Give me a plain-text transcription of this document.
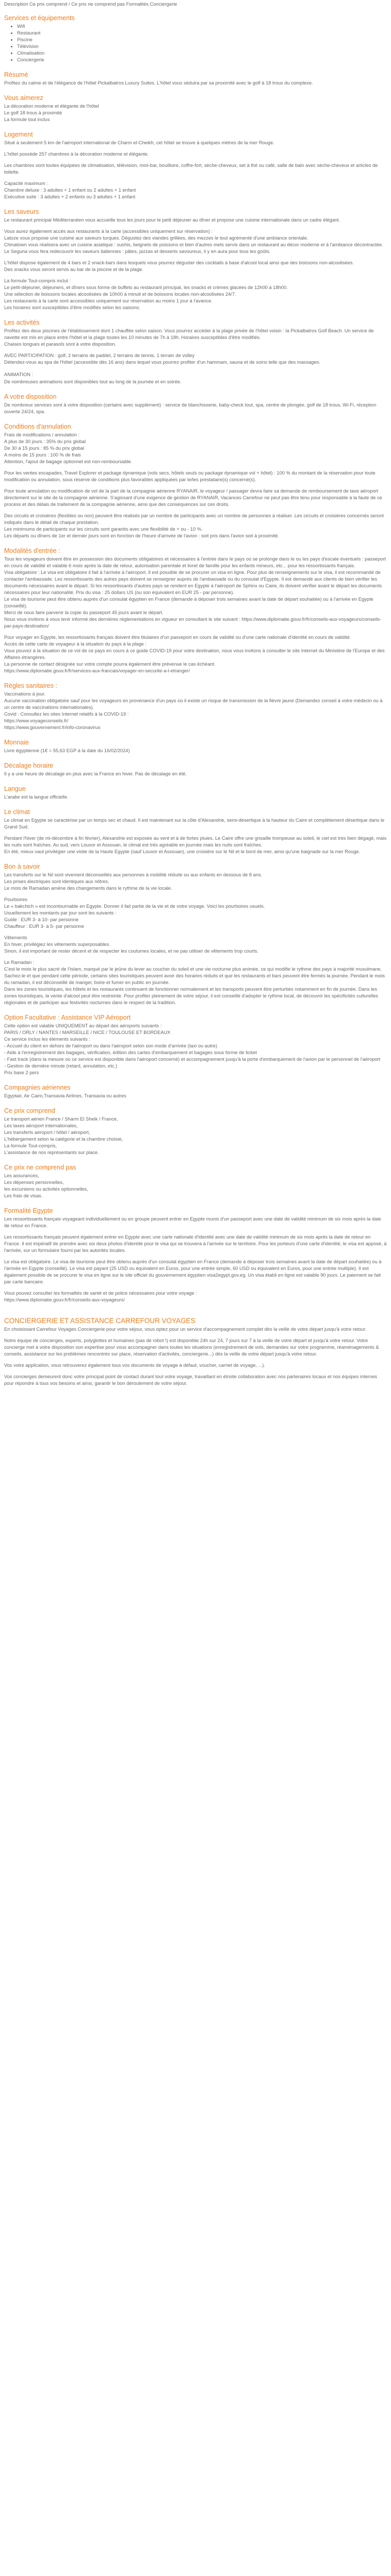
Description Ce prix comprend / Ce prix ne comprend pas Formalités Conciergerie
Services et équipements
• Wifi
• Restaurant
• Piscine
• Télévision
• Climatisation
• Conciergerie
Résumé
Profitez du calme et de l'élégance de l'hôtel Pickalbatros Luxury Suites. L'hôtel vous séduira par sa proximité avec le golf à 18 trous du complexe.
Vous aimerez
La décoration moderne et élégante de l'hôtel
Le golf 18 trous à proximité
La formule tout inclus
Logement
Situé à seulement 5 km de l'aéroport international de Charm el-Cheikh, cet hôtel se trouve à quelques mètres de la mer Rouge.
L'hôtel possède 257 chambres à la décoration moderne et élégante.
Les chambres sont toutes équipées de climatisation, télévision, mini-bar, bouilloire, coffre-fort, sèche-cheveux, set à thé ou café, salle de bain avec sèche-cheveux et articles de toilette.
Capacité maximum :
Chambre deluxe : 3 adultes + 1 enfant ou 2 adultes + 1 enfant
Exécutive suite : 3 adultes + 2 enfants ou 3 adultes + 1 enfant
Les saveurs
Le restaurant principal Méditerranéen vous accueille tous les jours pour le petit déjeuner au dîner et propose une cuisine internationale dans un cadre élégant.
Vous aurez également accès aux restaurants à la carte (accessibles uniquement sur réservation) :
Latoze vous propose une cuisine aux saveurs turques. Dégustez des viandes grillées, des mezzes le tout agrémenté d'une ambiance orientale.
Chinatown vous réalisera avec un cuisine asiatique : sushis, beignets de poissons et bien d'autres mets servis dans un restaurant au décor moderne et à l'ambiance décontractée.
Le Seguna vous fera redécouvrir les saveurs italiennes : pâtes, pizzas et desserts savoureux, il y en aura pour tous les goûts.
L'hôtel dispose également de 4 bars et 2 snack-bars dans lesquels vous pourrez déguster des cocktails à base d'alcool local ainsi que des boissons non-alcoolisées.
Des snacks vous seront servis au bar de la piscine et de la plage.
La formule Tout-compris inclut :
Le petit-déjeuner, déjeuners, et dîners sous forme de buffets au restaurant principal, les snacks et crèmes glacées de 12h00 à 18h00.
Une sélection de boissons locales alcoolisées de 10h00 à minuit et de boissons locales non-alcoolisées 24/7.
Les restaurants à la carte sont accessibles uniquement sur réservation au moins 1 jour à l'avance.
Les horaires sont susceptibles d'être modifiés selon les saisons.
Les activités
Profitez des deux piscines de l'établissement dont 1 chauffée selon saison. Vous pourrez accéder à la plage privée de l'hôtel voisin : la Pickalbatros Golf Beach. Un service de navette est mis en place entre l'hôtel et la plage toutes les 10 minutes de 7h à 18h. Horaires susceptibles d'être modifiés.
Chaises longues et parasols sont à votre disposition.
AVEC PARTICIPATION : golf, 2 terrains de paddel, 2 terrains de tennis, 1 terrain de volley
Détendez-vous au spa de l'hôtel (accessible dès 16 ans) dans lequel vous pourrez profiter d'un hammam, sauna et de soins telle que des massages.
ANIMATION :
De nombreuses animations sont disponibles tout au long de la journée et en soirée.
A votre disposition
De nombreux services sont à votre disposition (certains avec supplément) : service de blanchisserie, baby-check tout, spa, centre de plongée, golf de 18 trous, Wi-Fi, réception ouverte 24/24, spa.
Conditions d'annulation
Frais de modifications / annulation :
A plus de 30 jours : 35% du prix global
De 30 à 15 jours : 85 % du prix global
A moins de 15 jours : 100 % de frais
Attention, l'ajout de bagage optionnel est non-remboursable.
Pour les ventes escapades, Travel Explorer et package dynamique (vols secs, hôtels seuls ou package dynamique vol + hôtel) : 100 % du montant de la réservation pour toute modification ou annulation, sous réserve de conditions plus favorables appliquées par le/les prestataire(s) concerné(s).
Pour toute annulation ou modification de vol de la part de la compagnie aérienne RYANAIR, le voyageur / passager devra faire sa demande de remboursement de taxe aéroport directement sur le site de la compagnie aérienne. S'agissant d'une exigence de gestion de RYANAIR, Vacances Carrefour ne peut pas être tenu pour responsable à la faute de ce process et des délais de traitement de la compagnie aérienne, ainsi que des conséquences sur ces droits.
Des circuits et croisières (flexibles ou non) peuvent être réalisés par un nombre de participants avec un nombre de personnes à réaliser. Les circuits et croisières concernés seront indiqués dans le détail de chaque prestation.
Les minimums de participants sur les circuits sont garantis avec une flexibilité de + ou - 10 %.
Les départs ou dîners de 1er et dernier jours sont en fonction de l'heure d'arrivée de l'avion : soit pris dans l'avion soit à proximité.
Modalités d'entrée :
Tous les voyageurs doivent être en possession des documents obligatoires et nécessaires à l'entrée dans le pays où se prolonge dans le ou les pays d'escale éventuels : passeport en cours de validité et valable 6 mois après la date de retour, autorisation parentale et livret de famille pour les enfants mineurs, etc... pour les ressortissants français.
Visa obligatoire : Le visa est obligatoire il fait à l'arrivée à l'aéroport. Il est possible de se procurer un visa en ligne. Pour plus de renseignements sur le visa, il est recommandé de contacter l'ambassade. Les ressortissants des autres pays doivent se renseigner auprès de l'ambassade ou du consulat d'Egypte. Il est demandé aux clients de bien vérifier les documents nécessaires avant le départ. Si les ressortissants d'autres pays se rendent en Egypte à l'aéroport de Sphinx ou Caire, ils doivent vérifier avant le départ les documents nécessaires pour leur nationalité. Prix du visa : 25 dollars US (ou son équivalent en EUR 25 - par personne).
Le visa de tourisme peut être obtenu auprès d'un consulat égyptien en France (demande à déposer trois semaines avant la date de départ souhaitée) ou à l'arrivée en Egypte (conseillé).
Merci de nous faire parvenir la copie du passeport 45 jours avant le départ.
Nous vous invitons à vous tenir informé des dernières réglementations en vigueur en consultant le site suivant : https://www.diplomatie.gouv.fr/fr/conseils-aux-voyageurs/conseils-par-pays-destination/
Pour voyager en Egypte, les ressortissants français doivent être titulaires d'un passeport en cours de validité ou d'une carte nationale d'identité en cours de validité.
Accès de cette carte de voyageur à la situation du pays à la plage :
Vous pouvez à la situation de ce vol de ce pays en cours à ce guide COVID-19 pour votre destination, nous vous invitons à consulter le site Internet du Ministère de l'Europe et des Affaires étrangères.
La personne de contact désignée sur votre compte pourra également être prévenue le cas échéant.
https://www.diplomatie.gouv.fr/fr/services-aux-francais/voyager-en-securite-a-l-etranger/
Règles sanitaires :
Vaccinations à jour.
Aucune vaccination obligatoire sauf pour les voyageurs en provenance d'un pays où il existe un risque de transmission de la fièvre jaune (Demandez conseil à votre médecin ou à un centre de vaccinations internationales).
Covid : Consultez les sites Internet relatifs à la COVID-19 :
https://www.voyageconseils.fr/
https://www.gouvernement.fr/info-coronavirus
Monnaie
Livre égyptienne (1€ = 55,63 EGP à la date du 16/02/2024)
Décalage horaire
Il y a une heure de décalage en plus avec la France en hiver. Pas de décalage en été.
Langue
L'arabe est la langue officielle.
Le climat
Le climat en Egypte se caractérise par un temps sec et chaud. Il est maintenant sur la côte d'Alexandrie, semi-désertique à la hauteur du Caire et complètement désertique dans le Grand Sud.
Pendant l'hiver (de mi-décembre à fin février), Alexandrie est exposée au vent et à de fortes pluies. Le Caire offre une grisaille trompeuse au soleil, le ciel est très bien dégagé, mais les nuits sont fraîches. Au sud, vers Louxor et Assouan, le climat est très agréable en journée mais les nuits sont fraîches.
En été, mieux vaut privilégier une visite de la Haute Egypte (sauf Louxor et Assouan), une croisière sur le Nil et le bord de mer, ainsi qu'une baignade sur la mer Rouge.
Bon à savoir
Les transferts sur le Nil sont vivement déconseillés aux personnes à mobilité réduite ou aux enfants en dessous de 8 ans.
Les prises électriques sont identiques aux nôtres.
Le mois de Ramadan amène des changements dans le rythme de la vie locale.
Pourboires
Le « bakchich » est incontournable en Egypte. Donner il fait partie de la vie et de votre voyage. Voici les pourboires usuels.
Usuellement les montants par jour sont les suivants :
Guide : EUR 3- à 10- par personne
Chauffeur : EUR 3- à 5- par personne
Vêtements
En hiver, privilégiez les vêtements superposables.
Sinon, il est important de rester décent et de respecter les coutumes locales, et ne pas utiliser de vêtements trop courts.
Le Ramadan :
C'est le mois le plus sacré de l'Islam, marqué par le jeûne du lever au coucher du soleil et une vie nocturne plus animée, ce qui modifie le rythme des pays à majorité musulmane.
Sachez-le et que pendant cette période, certains sites touristiques peuvent avoir des horaires réduits et que les restaurants et bars peuvent être fermés la journée. Pendant le mois du ramadan, il est déconseillé de manger, boire et fumer en public en journée.
Dans les zones touristiques, les hôtels et les restaurants continuent de fonctionner normalement et les transports peuvent être perturbés notamment en fin de journée. Dans les zones touristiques, la vente d'alcool peut être restreinte. Pour profiter pleinement de votre séjour, il est conseillé d'adopter le rythme local, de découvrir les spécificités culturelles régionales et de participer aux festivités nocturnes dans le respect de la tradition.
Option Facultative : Assistance VIP Aéroport
Cette option est valable UNIQUEMENT au départ des aéroports suivants :
PARIS / ORLY / NANTES / MARSEILLE / NICE / TOULOUSE ET BORDEAUX
Ce service inclus les éléments suivants :
- Accueil du client en dehors de l'aéroport ou dans l'aéroport selon son mode d'arrivée (taxi ou autre)
- Aide à l'enregistrement des bagages, vérification, édition des cartes d'embarquement et bagages sous forme de ticket
- Fast track (dans la mesure où ce service est disponible dans l'aéroport concerné) et accompagnement jusqu'à la porte d'embarquement de l'avion par le personnel de l'aéroport
- Gestion de dernière minute (retard, annulation, etc.)
Prix base 2 pers
Compagnies aériennes
Egyptair, Air Cairo,Transavia Airlines, Transavia ou autres
Ce prix comprend
Le transport aérien France / Sharm El Sheik / France,
Les taxes aéroport internationales,
Les transferts aéroport / hôtel / aéroport,
L'hébergement selon la catégorie et la chambre choisie,
La formule Tout-compris,
L'assistance de nos représentants sur place.
Ce prix ne comprend pas
Les assurances,
Les dépenses personnelles,
les excursions ou activités optionnelles,
Les frais de visas.
Formalité Egypte
Les ressortissants français voyageant individuellement ou en groupe peuvent entrer en Egypte munis d'un passeport avec une date de validité minimum de six mois après la date de retour en France.
Les ressortissants français peuvent également entrer en Egypte avec une carte nationale d'identité avec une date de validité minimum de six mois après la date de retour en France. Il est impératif de prendre avec soi deux photos d'identité pour le visa qui se trouvera à l'arrivée sur le territoire. Pour les porteurs d'une carte d'identité, le visa est apposé, à l'arrivée, sur un formulaire fourni par les autorités locales.
Le visa est obligatoire. Le visa de tourisme peut être obtenu auprès d'un consulat égyptien en France (demande à déposer trois semaines avant la date de départ souhaitée) ou à l'arrivée en Egypte (conseillé). Le visa est payant (25 USD ou équivalent en Euros, pour une entrée simple, 60 USD ou équivalent en Euros, pour une entrée multiple). Il est également possible de se procurer le visa en ligne sur le site officiel du gouvernement égyptien visa2egypt.gov.eg. Un visa établi en ligne est valable 90 jours. Le paiement se fait par carte bancaire.
Vous pouvez consulter les formalités de santé et de police nécessaires pour votre voyage :
https://www.diplomatie.gouv.fr/fr/conseils-aux-voyageurs/
CONCIERGERIE ET ASSISTANCE CARREFOUR VOYAGES
En choisissant Carrefour Voyages Conciergerie pour votre séjour, vous optez pour un service d'accompagnement complet dès la veille de votre départ jusqu'à votre retour.
Notre équipe de concierges, experts, polyglottes et humaines (pas de robot !) est disponible 24h sur 24, 7 jours sur 7 à la veille de votre départ et jusqu'à votre retour. Votre concierge met à votre disposition son expertise pour vous accompagner dans toutes les situations (enregistrement de vols, demandes sur votre programme, réaménagements & conseils, assistance sur les problèmes rencontrés sur place, réservation d'activités, conciergerie...) dès la veille de votre départ jusqu'à votre retour.
Vos votre application, vous retrouverez également tous vos documents de voyage à défaut, voucher, carnet de voyage, ...).
Vos concierges demeurent donc votre principal point de contact durant tout votre voyage, travaillant en étroite collaboration avec nos partenaires locaux et nos équipes internes pour répondre à tous vos besoins et ainsi, garantir le bon déroulement de votre séjour.
